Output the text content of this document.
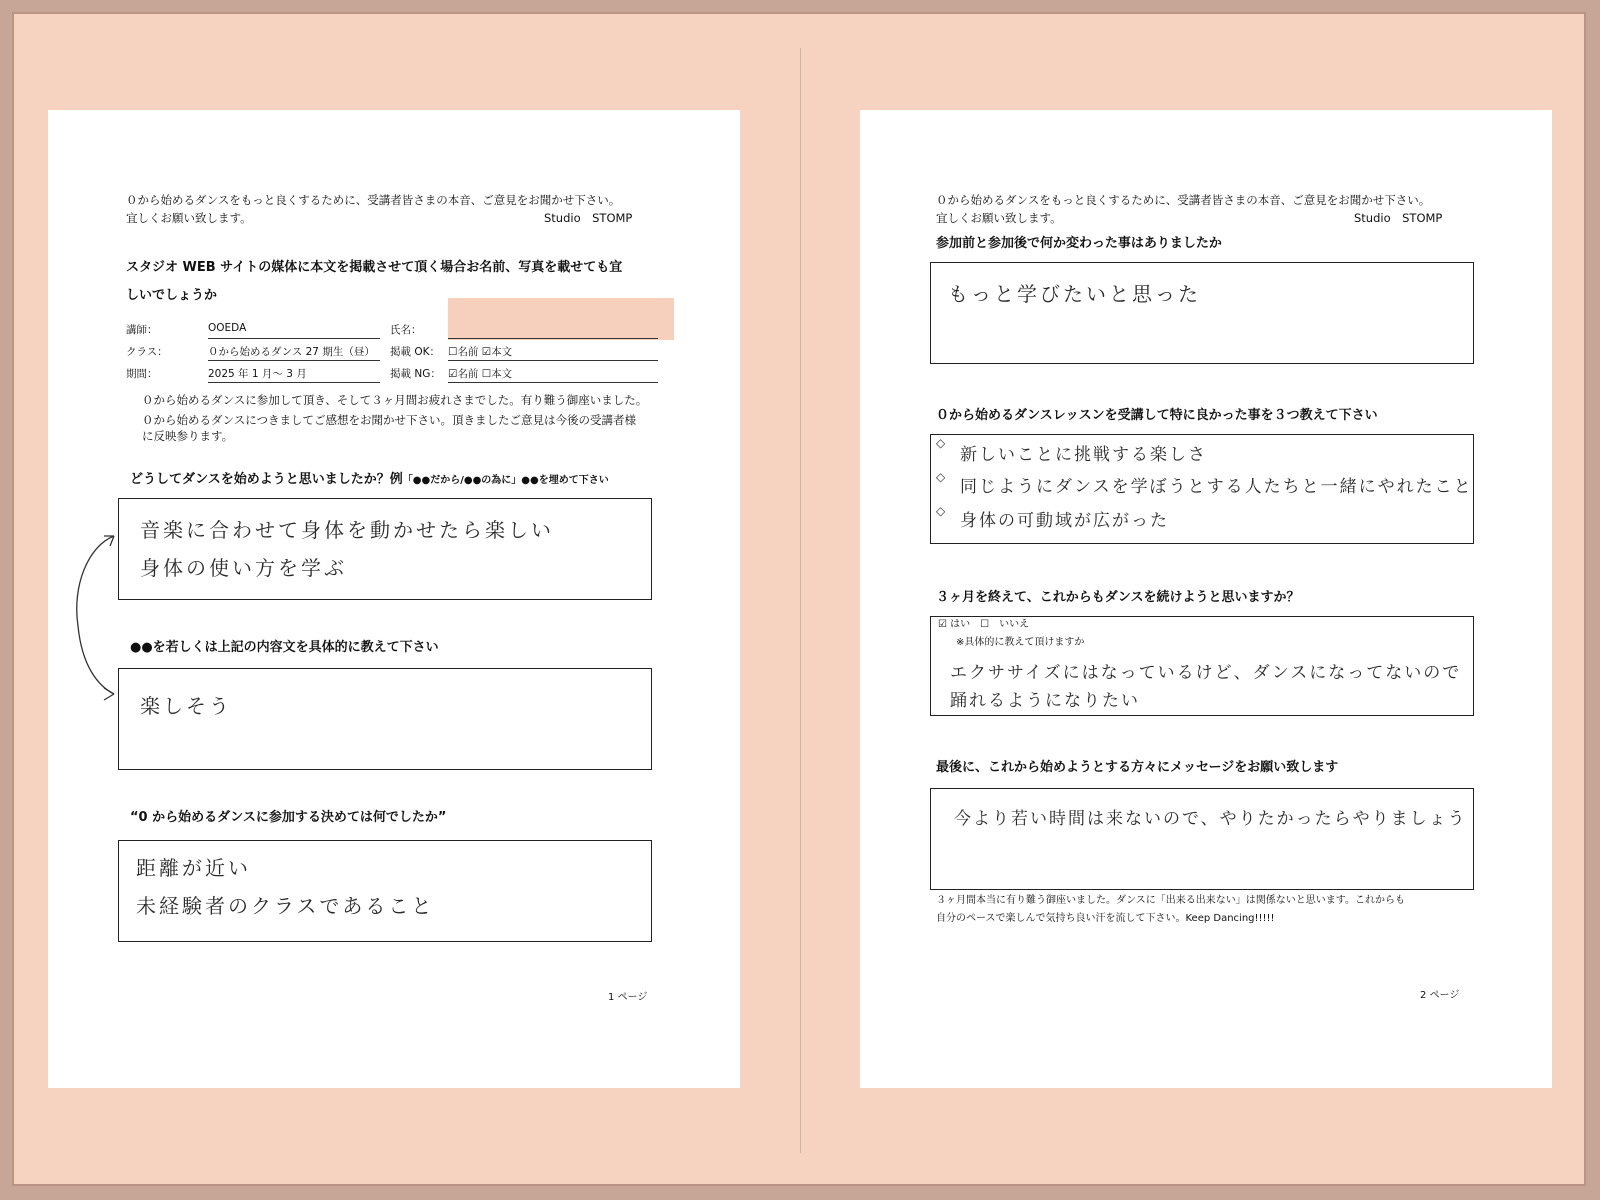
０から始めるダンスをもっと良くするために、受講者皆さまの本音、ご意見をお聞かせ下さい。
宜しくお願い致します。	Studio　STOMP
スタジオ WEB サイトの媒体に本文を掲載させて頂く場合お名前、写真を載せても宜
しいでしょうか
講師：	OOEDA	氏名：
クラス：	０から始めるダンス 27 期生（昼）	掲載 OK： ☐名前 ☑本文
期間：	2025 年 1 月～ 3 月	掲載 NG： ☑名前 ☐本文
０から始めるダンスに参加して頂き、そして３ヶ月間お疲れさまでした。有り難う御座いました。
０から始めるダンスにつきましてご感想をお聞かせ下さい。頂きましたご意見は今後の受講者様
に反映参ります。
どうしてダンスを始めようと思いましたか？例「●●だから/●●の為に」●●を埋めて下さい
音楽に合わせて身体を動かせたら楽しい
身体の使い方を学ぶ
●●を若しくは上記の内容文を具体的に教えて下さい
楽しそう
“0 から始めるダンスに参加する決めては何でしたか”
距離が近い
未経験者のクラスであること
1 ページ
０から始めるダンスをもっと良くするために、受講者皆さまの本音、ご意見をお聞かせ下さい。
宜しくお願い致します。	Studio　STOMP
参加前と参加後で何か変わった事はありましたか
もっと学びたいと思った
０から始めるダンスレッスンを受講して特に良かった事を３つ教えて下さい
◇
新しいことに挑戦する楽しさ
◇ 同じようにダンスを学ぼうとする人たちと一緒にやれたこと
◇ 身体の可動域が広がった
３ヶ月を終えて、これからもダンスを続けようと思いますか？
☑ はい　☐　いいえ
※具体的に教えて頂けますか
エクササイズにはなっているけど、ダンスになってないので
踊れるようになりたい
最後に、これから始めようとする方々にメッセージをお願い致します
今より若い時間は来ないので、やりたかったらやりましょう
３ヶ月間本当に有り難う御座いました。ダンスに「出来る出来ない」は関係ないと思います。これからも
自分のペースで楽しんで気持ち良い汗を流して下さい。Keep Dancing!!!!!
2 ページ
